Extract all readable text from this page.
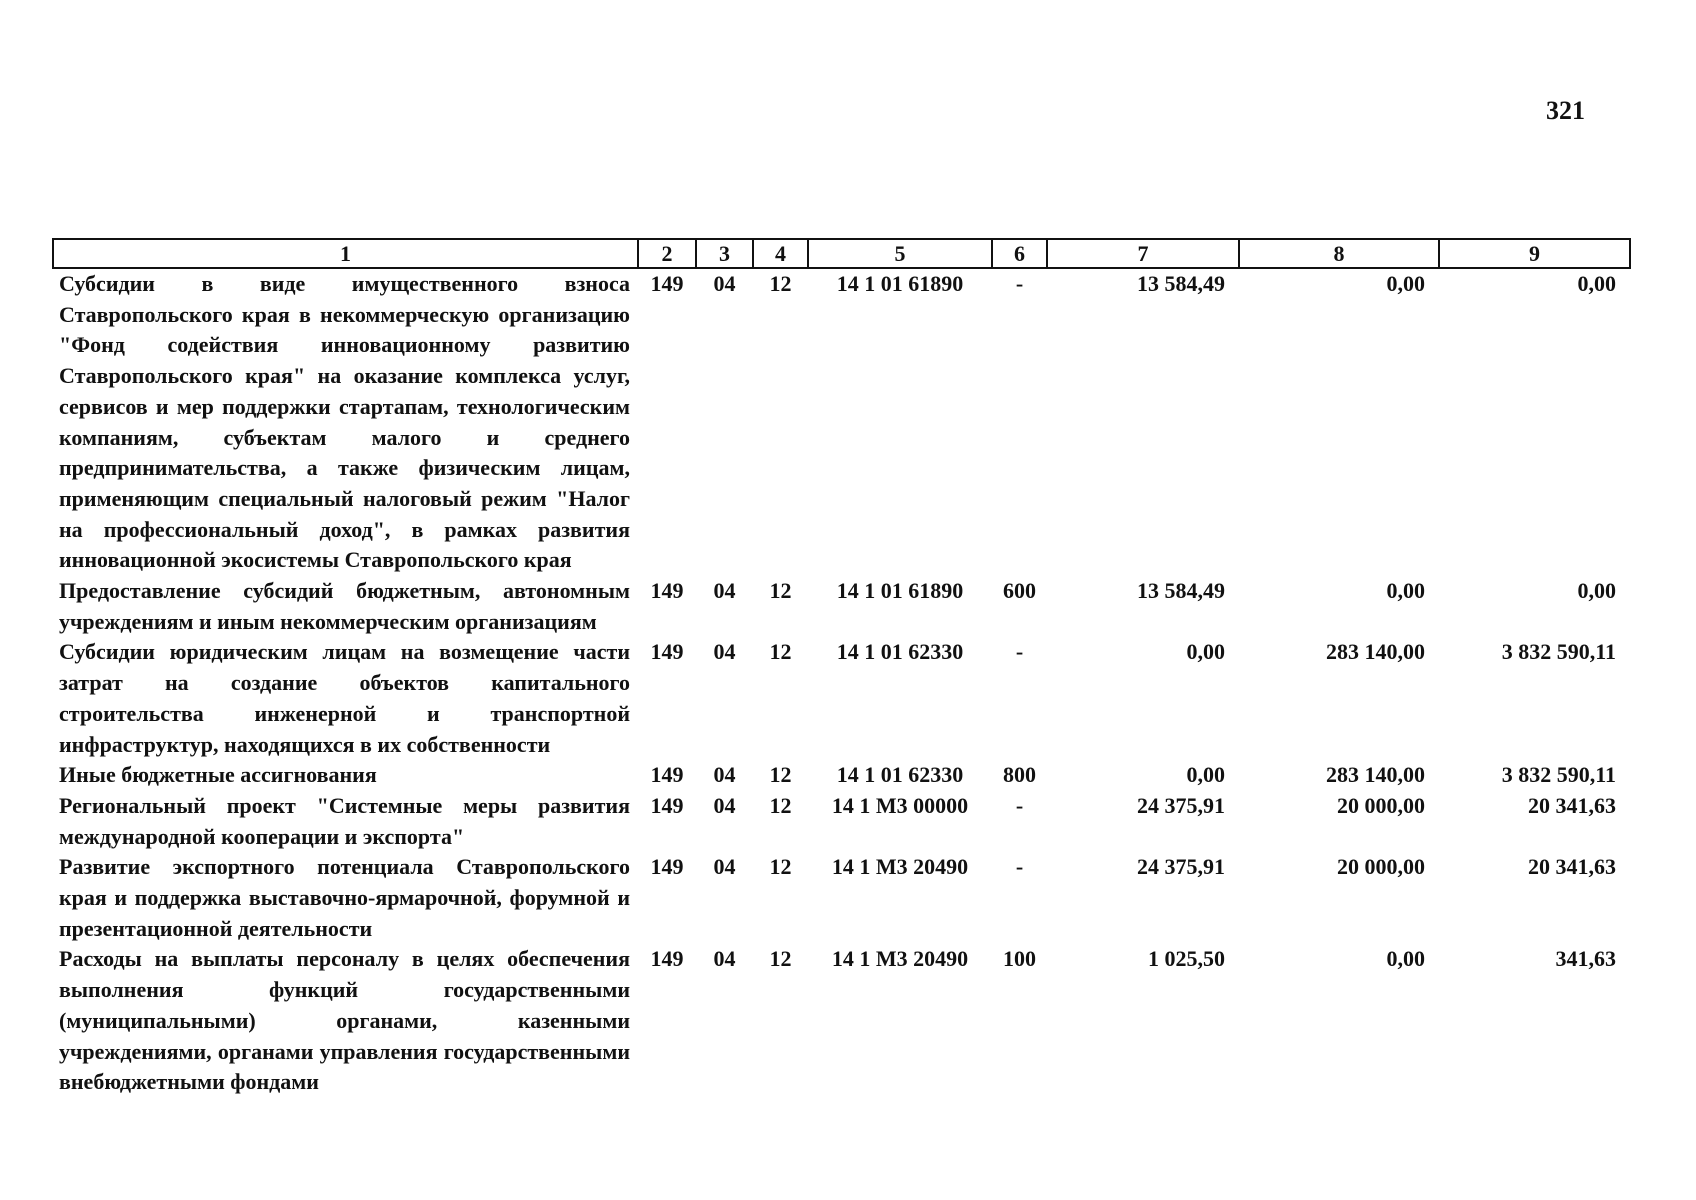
321
1	2	3	4	5	6	7	8	9
Субсидии в виде имущественного взноса Ставропольского края в некоммерческую организацию "Фонд содействия инновационному развитию Ставропольского края" на оказание комплекса услуг, сервисов и мер поддержки стартапам, технологическим компаниям, субъектам малого и среднего предпринимательства, а также физическим лицам, применяющим специальный налоговый режим "Налог на профессиональный доход", в рамках развития инновационной экосистемы Ставропольского края	149	04	12	14 1 01 61890	-	13 584,49	0,00	0,00
Предоставление субсидий бюджетным, автономным учреждениям и иным некоммерческим организациям	149	04	12	14 1 01 61890	600	13 584,49	0,00	0,00
Субсидии юридическим лицам на возмещение части затрат на создание объектов капитального строительства инженерной и транспортной инфраструктур, находящихся в их собственности	149	04	12	14 1 01 62330	-	0,00	283 140,00	3 832 590,11
Иные бюджетные ассигнования	149	04	12	14 1 01 62330	800	0,00	283 140,00	3 832 590,11
Региональный проект "Системные меры развития международной кооперации и экспорта"	149	04	12	14 1 М3 00000	-	24 375,91	20 000,00	20 341,63
Развитие экспортного потенциала Ставропольского края и поддержка выставочно-ярмарочной, форумной и презентационной деятельности	149	04	12	14 1 М3 20490	-	24 375,91	20 000,00	20 341,63
Расходы на выплаты персоналу в целях обеспечения выполнения функций государственными (муниципальными) органами, казенными учреждениями, органами управления государственными внебюджетными фондами	149	04	12	14 1 М3 20490	100	1 025,50	0,00	341,63
